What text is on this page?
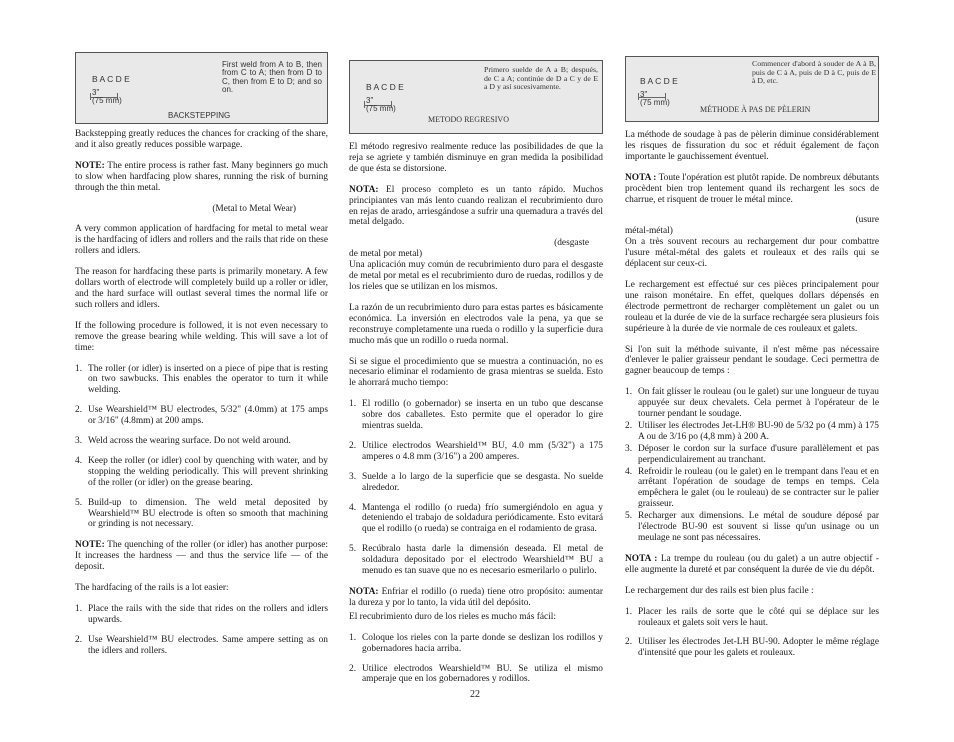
B A C D E
3"
(75 mm)
First weld from A to B, then from C to A; then from D to C, then from E to D; and so on.
BACKSTEPPING

Backstepping greatly reduces the chances for cracking of the share, and it also greatly reduces possible warpage.

NOTE: The entire process is rather fast. Many beginners go much to slow when hardfacing plow shares, running the risk of burning through the thin metal.

(Metal to Metal Wear)

A very common application of hardfacing for metal to metal wear is the hardfacing of idlers and rollers and the rails that ride on these rollers and idlers.

The reason for hardfacing these parts is primarily monetary. A few dollars worth of electrode will completely build up a roller or idler, and the hard surface will outlast several times the normal life or such rollers and idlers.

If the following procedure is followed, it is not even necessary to remove the grease bearing while welding. This will save a lot of time:

1. The roller (or idler) is inserted on a piece of pipe that is resting on two sawbucks. This enables the operator to turn it while welding.
2. Use Wearshield™ BU electrodes, 5/32" (4.0mm) at 175 amps or 3/16" (4.8mm) at 200 amps.
3. Weld across the wearing surface. Do not weld around.
4. Keep the roller (or idler) cool by quenching with water, and by stopping the welding periodically. This will prevent shrinking of the roller (or idler) on the grease bearing.
5. Build-up to dimension. The weld metal deposited by Wearshield™ BU electrode is often so smooth that machining or grinding is not necessary.

NOTE: The quenching of the roller (or idler) has another purpose: It increases the hardness — and thus the service life — of the deposit.

The hardfacing of the rails is a lot easier:

1. Place the rails with the side that rides on the rollers and idlers upwards.
2. Use Wearshield™ BU electrodes. Same ampere setting as on the idlers and rollers.
B A C D E
3"
(75 mm)
Primero suelde de A a B; después, de C a A; continúe de D a C y de E a D y así sucesivamente.
METODO REGRESIVO

El método regresivo realmente reduce las posibilidades de que la reja se agriete y también disminuye en gran medida la posibilidad de que ésta se distorsione.

NOTA: El proceso completo es un tanto rápido. Muchos principiantes van más lento cuando realizan el recubrimiento duro en rejas de arado, arriesgándose a sufrir una quemadura a través del metal delgado.

(desgaste

de metal por metal)

Una aplicación muy común de recubrimiento duro para el desgaste de metal por metal es el recubrimiento duro de ruedas, rodillos y de los rieles que se utilizan en los mismos.

La razón de un recubrimiento duro para estas partes es básicamente económica. La inversión en electrodos vale la pena, ya que se reconstruye completamente una rueda o rodillo y la superficie dura mucho más que un rodillo o rueda normal.

Si se sigue el procedimiento que se muestra a continuación, no es necesario eliminar el rodamiento de grasa mientras se suelda. Esto le ahorrará mucho tiempo:

1. El rodillo (o gobernador) se inserta en un tubo que descanse sobre dos caballetes. Esto permite que el operador lo gire mientras suelda.
2. Utilice electrodos Wearshield™ BU, 4.0 mm (5/32") a 175 amperes o 4.8 mm (3/16") a 200 amperes.
3. Suelde a lo largo de la superficie que se desgasta. No suelde alrededor.
4. Mantenga el rodillo (o rueda) frío sumergiéndolo en agua y deteniendo el trabajo de soldadura periódicamente. Esto evitará que el rodillo (o rueda) se contraiga en el rodamiento de grasa.
5. Recúbralo hasta darle la dimensión deseada. El metal de soldadura depositado por el electrodo Wearshield™ BU a menudo es tan suave que no es necesario esmerilarlo o pulirlo.

NOTA: Enfriar el rodillo (o rueda) tiene otro propósito: aumentar la dureza y por lo tanto, la vida útil del depósito.

El recubrimiento duro de los rieles es mucho más fácil:

1. Coloque los rieles con la parte donde se deslizan los rodillos y gobernadores hacia arriba.
2. Utilice electrodos Wearshield™ BU. Se utiliza el mismo amperaje que en los gobernadores y rodillos.
B A C D E
3"
(75 mm)
Commencer d'abord à souder de A à B, puis de C à A, puis de D à C, puis de E à D, etc.
MÉTHODE À PAS DE PÈLERIN

La méthode de soudage à pas de pèlerin diminue considérablement les risques de fissuration du soc et réduit également de façon importante le gauchissement éventuel.

NOTA : Toute l'opération est plutôt rapide. De nombreux débutants procèdent bien trop lentement quand ils rechargent les socs de charrue, et risquent de trouer le métal mince.

(usure

métal-métal)

On a très souvent recours au rechargement dur pour combattre l'usure métal-métal des galets et rouleaux et des rails qui se déplacent sur ceux-ci.

Le rechargement est effectué sur ces pièces principalement pour une raison monétaire. En effet, quelques dollars dépensés en électrode permettront de recharger complètement un galet ou un rouleau et la durée de vie de la surface rechargée sera plusieurs fois supérieure à la durée de vie normale de ces rouleaux et galets.

Si l'on suit la méthode suivante, il n'est même pas nécessaire d'enlever le palier graisseur pendant le soudage. Ceci permettra de gagner beaucoup de temps :

1. On fait glisser le rouleau (ou le galet) sur une longueur de tuyau appuyée sur deux chevalets. Cela permet à l'opérateur de le tourner pendant le soudage.
2. Utiliser les électrodes Jet-LH® BU-90 de 5/32 po (4 mm) à 175 A ou de 3/16 po (4,8 mm) à 200 A.
3. Déposer le cordon sur la surface d'usure parallèlement et pas perpendiculairement au tranchant.
4. Refroidir le rouleau (ou le galet) en le trempant dans l'eau et en arrêtant l'opération de soudage de temps en temps. Cela empêchera le galet (ou le rouleau) de se contracter sur le palier graisseur.
5. Recharger aux dimensions. Le métal de soudure déposé par l'électrode BU-90 est souvent si lisse qu'un usinage ou un meulage ne sont pas nécessaires.

NOTA : La trempe du rouleau (ou du galet) a un autre objectif - elle augmente la dureté et par conséquent la durée de vie du dépôt.

Le rechargement dur des rails est bien plus facile :

1. Placer les rails de sorte que le côté qui se déplace sur les rouleaux et galets soit vers le haut.
2. Utiliser les électrodes Jet-LH BU-90. Adopter le même réglage d'intensité que pour les galets et rouleaux.
22
